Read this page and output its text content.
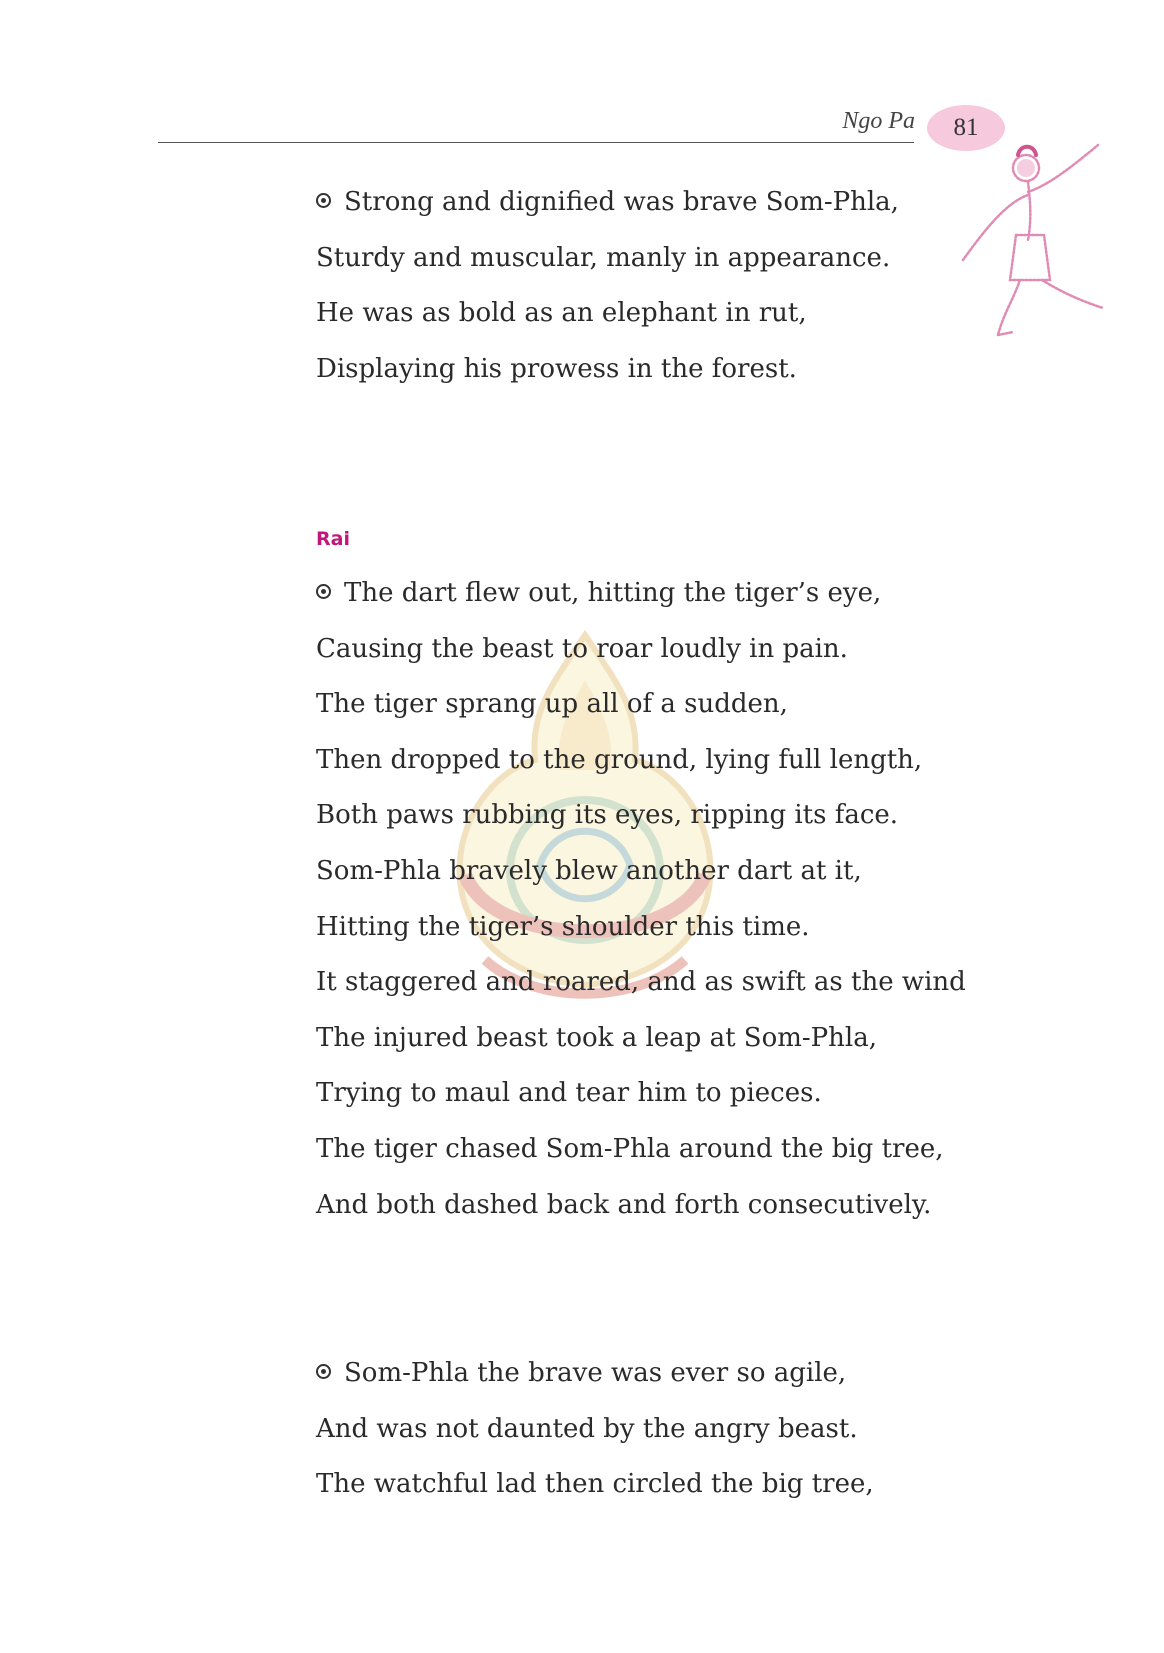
Ngo Pa	81
Strong and dignified was brave Som-Phla,
Sturdy and muscular, manly in appearance.
He was as bold as an elephant in rut,
Displaying his prowess in the forest.
Rai
The dart flew out, hitting the tiger’s eye,
Causing the beast to roar loudly in pain.
The tiger sprang up all of a sudden,
Then dropped to the ground, lying full length,
Both paws rubbing its eyes, ripping its face.
Som-Phla bravely blew another dart at it,
Hitting the tiger’s shoulder this time.
It staggered and roared, and as swift as the wind
The injured beast took a leap at Som-Phla,
Trying to maul and tear him to pieces.
The tiger chased Som-Phla around the big tree,
And both dashed back and forth consecutively.
Som-Phla the brave was ever so agile,
And was not daunted by the angry beast.
The watchful lad then circled the big tree,
